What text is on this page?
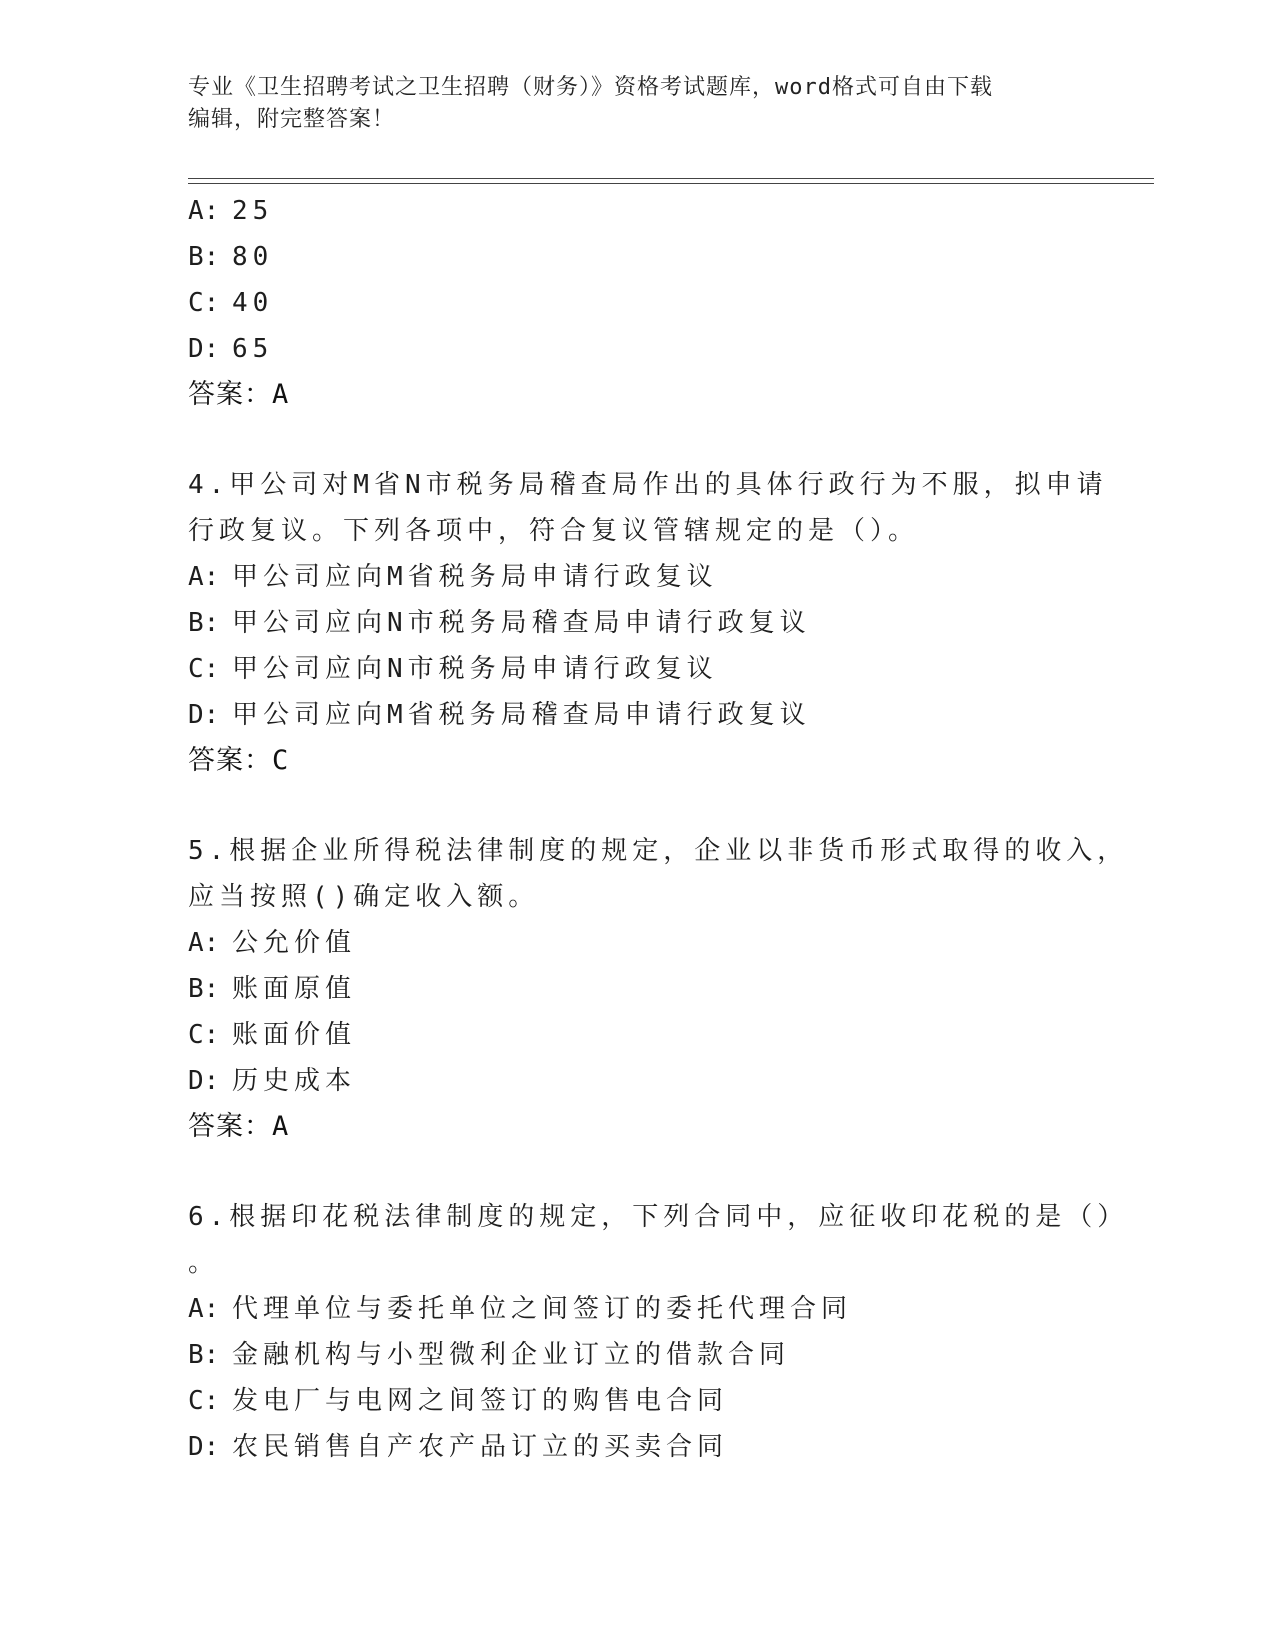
专业《卫生招聘考试之卫生招聘（财务）》资格考试题库，word格式可自由下载
编辑，附完整答案！
A: 25
B: 80
C: 40
D: 65
答案：A
4.甲公司对M省N市税务局稽查局作出的具体行政行为不服，拟申请
行政复议。下列各项中，符合复议管辖规定的是（）。
A: 甲公司应向M省税务局申请行政复议
B: 甲公司应向N市税务局稽查局申请行政复议
C: 甲公司应向N市税务局申请行政复议
D: 甲公司应向M省税务局稽查局申请行政复议
答案：C
5.根据企业所得税法律制度的规定，企业以非货币形式取得的收入，
应当按照()确定收入额。
A: 公允价值
B: 账面原值
C: 账面价值
D: 历史成本
答案：A
6.根据印花税法律制度的规定，下列合同中，应征收印花税的是（）
。
A: 代理单位与委托单位之间签订的委托代理合同
B: 金融机构与小型微利企业订立的借款合同
C: 发电厂与电网之间签订的购售电合同
D: 农民销售自产农产品订立的买卖合同
